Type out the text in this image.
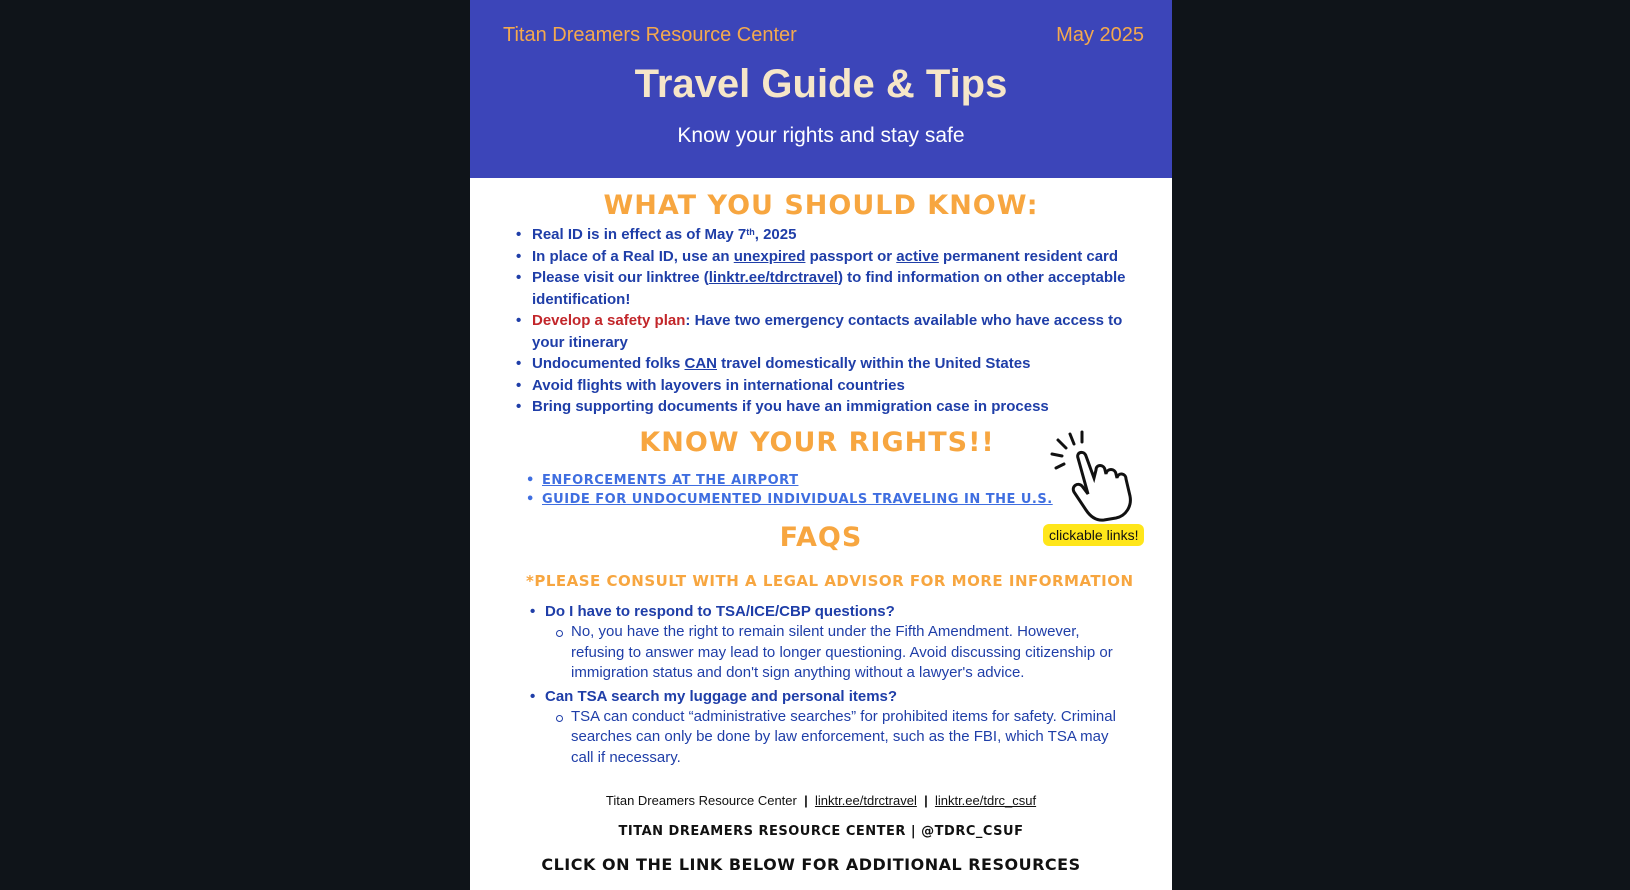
Titan Dreamers Resource Center	May 2025
Travel Guide & Tips
Know your rights and stay safe
WHAT YOU SHOULD KNOW:
• Real ID is in effect as of May 7th, 2025
• In place of a Real ID, use an unexpired passport or active permanent resident card
• Please visit our linktree (linktr.ee/tdrctravel) to find information on other acceptable identification!
• Develop a safety plan: Have two emergency contacts available who have access to your itinerary
• Undocumented folks CAN travel domestically within the United States
• Avoid flights with layovers in international countries
• Bring supporting documents if you have an immigration case in process
KNOW YOUR RIGHTS!!
• ENFORCEMENTS AT THE AIRPORT
• GUIDE FOR UNDOCUMENTED INDIVIDUALS TRAVELING IN THE U.S.
clickable links!
FAQS
*PLEASE CONSULT WITH A LEGAL ADVISOR FOR MORE INFORMATION
• Do I have to respond to TSA/ICE/CBP questions?
No, you have the right to remain silent under the Fifth Amendment. However, refusing to answer may lead to longer questioning. Avoid discussing citizenship or immigration status and don't sign anything without a lawyer's advice.
• Can TSA search my luggage and personal items?
TSA can conduct “administrative searches” for prohibited items for safety. Criminal searches can only be done by law enforcement, such as the FBI, which TSA may call if necessary.
Titan Dreamers Resource Center | linktr.ee/tdrctravel | linktr.ee/tdrc_csuf
TITAN DREAMERS RESOURCE CENTER | @TDRC_CSUF
CLICK ON THE LINK BELOW FOR ADDITIONAL RESOURCES
